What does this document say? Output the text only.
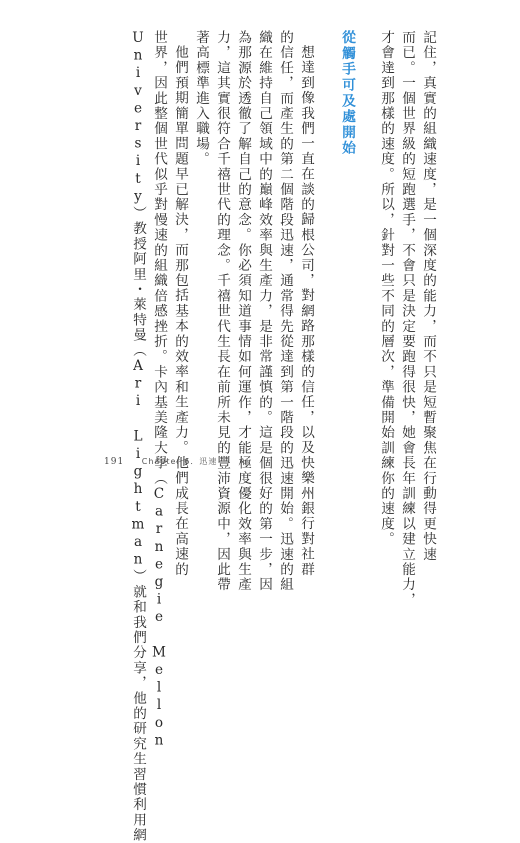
記住，真實的組織速度，是一個深度的能力，而不只是短暫聚焦在行動得更快速
而已。一個世界級的短跑選手，不會只是決定要跑得很快，她會長年訓練以建立能力，
才會達到那樣的速度。所以，針對一些不同的層次，準備開始訓練你的速度。
從觸手可及處開始
想達到像我們一直在談的歸根公司，對網路那樣的信任，以及快樂州銀行對社群
的信任，而產生的第二個階段迅速，通常得先從達到第一階段的迅速開始。迅速的組
織在維持自己領域中的巔峰效率與生產力，是非常謹慎的。這是個很好的第一步，因
為那源於透徹了解自己的意念。你必須知道事情如何運作，才能極度優化效率與生產
力，這其實很符合千禧世代的理念。千禧世代生長在前所未見的豐沛資源中，因此帶
著高標準進入職場。
他們預期簡單問題早已解決，而那包括基本的效率和生產力。他們成長在高速的
世界，因此整個世代似乎對慢速的組織倍感挫折。卡內基美隆大學（Carnegie Mellon
University）教授阿里・萊特曼（Ari Lightman）就和我們分享，他的研究生習慣利用網
191 Chapter 6．迅速
